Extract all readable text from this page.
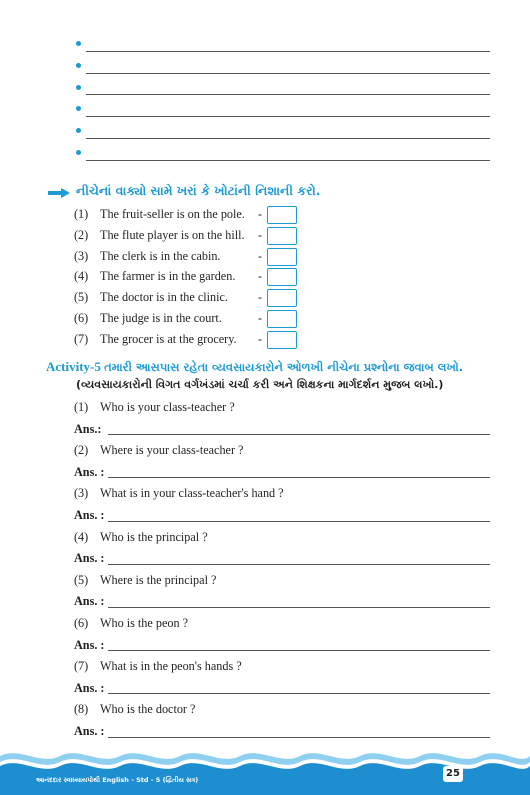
નીચેનાં વાક્યો સામે ખરાં કે ખોટાંની નિશાની કરો.
(1) The fruit-seller is on the pole. -
(2) The flute player is on the hill. -
(3) The clerk is in the cabin.	-
(4) The farmer is in the garden. -
(5) The doctor is in the clinic. -
(6) The judge is in the court.	-
(7) The grocer is at the grocery. -
Activity-5 તમારી આસપાસ રહેતા વ્યવસાયકારોને ઓળખી નીચેના પ્રશ્નોના જવાબ લખો.
(વ્યવસાયકારોની વિગત વર્ગખંડમાં ચર્ચા કરી અને શિક્ષકના માર્ગદર્શન મુજબ લખો.)
(1) Who is your class-teacher ?
Ans.:
(2) Where is your class-teacher ?
Ans. :
(3) What is in your class-teacher's hand ?
Ans. :
(4) Who is the principal ?
Ans. :
(5) Where is the principal ?
Ans. :
(6) Who is the peon ?
Ans. :
(7) What is in the peon's hands ?
Ans. :
(8) Who is the doctor ?
Ans. :
આનંદદાર સ્વાધ્યાયપોથી English - Std - 5 (દ્વિતીય સત્ર)
25
